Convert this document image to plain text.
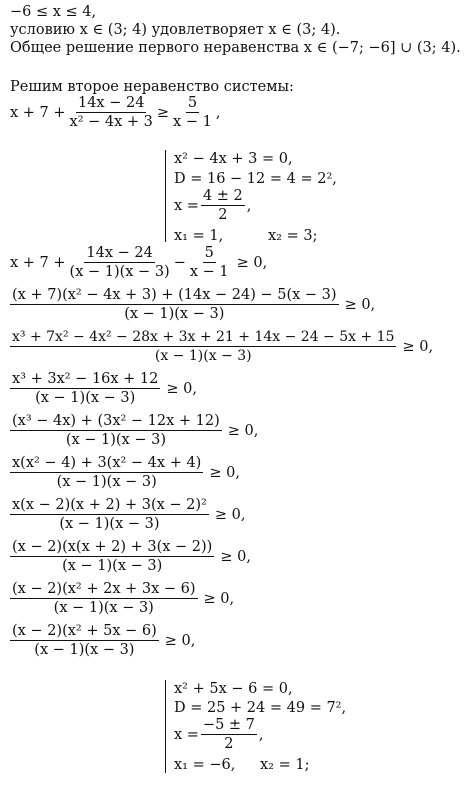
−6 ≤ x ≤ 4,
условию x ∈ (3; 4) удовлетворяет x ∈ (3; 4).
Общее решение первого неравенства x ∈ (−7; −6] ∪ (3; 4).
Решим второе неравенство системы:
$x + 7 + \frac{14x - 24}{\text{x² − 4x + 3}} \ge \frac{5}{x - 1}$ ,
x² − 4x + 3 = 0,
D = 16 − 12 = 4 = 2²,
$x = \frac{4 \pm 2}{2}$ ,
x₁ = 1,	x₂ = 3;
$x + 7 + \frac{14x - 24}{(x - 1)(x - 3)} - \frac{5}{x - 1} \ge 0$,
$\frac{\text{(x + 7)(x² − 4x + 3) + (14x − 24) − 5(x − 3)}}{(x - 1)(x - 3)} \ge 0$,
$\frac{\text{x³ + 7x² − 4x² − 28x + 3x + 21 + 14x − 24 − 5x + 15}}{(x - 1)(x - 3)} \ge 0$,
$\frac{\text{x³ + 3x² − 16x + 12}}{(x - 1)(x - 3)} \ge 0$,
$\frac{\text{(x³ − 4x) + (3x² − 12x + 12)}}{(x - 1)(x - 3)} \ge 0$,
$\frac{\text{x(x² − 4) + 3(x² − 4x + 4)}}{(x - 1)(x - 3)} \ge 0$,
$\frac{\text{x(x − 2)(x + 2) + 3(x − 2)²}}{(x - 1)(x - 3)} \ge 0$,
$\frac{(x - 2)(x(x + 2) + 3(x - 2))}{(x - 1)(x - 3)} \ge 0$,
$\frac{\text{(x − 2)(x² + 2x + 3x − 6)}}{(x - 1)(x - 3)} \ge 0$,
$\frac{\text{(x − 2)(x² + 5x − 6)}}{(x - 1)(x - 3)} \ge 0$,
x² + 5x − 6 = 0,
D = 25 + 24 = 49 = 7²,
$x = \frac{-5 \pm 7}{2}$ ,
x₁ = −6, x₂ = 1;
